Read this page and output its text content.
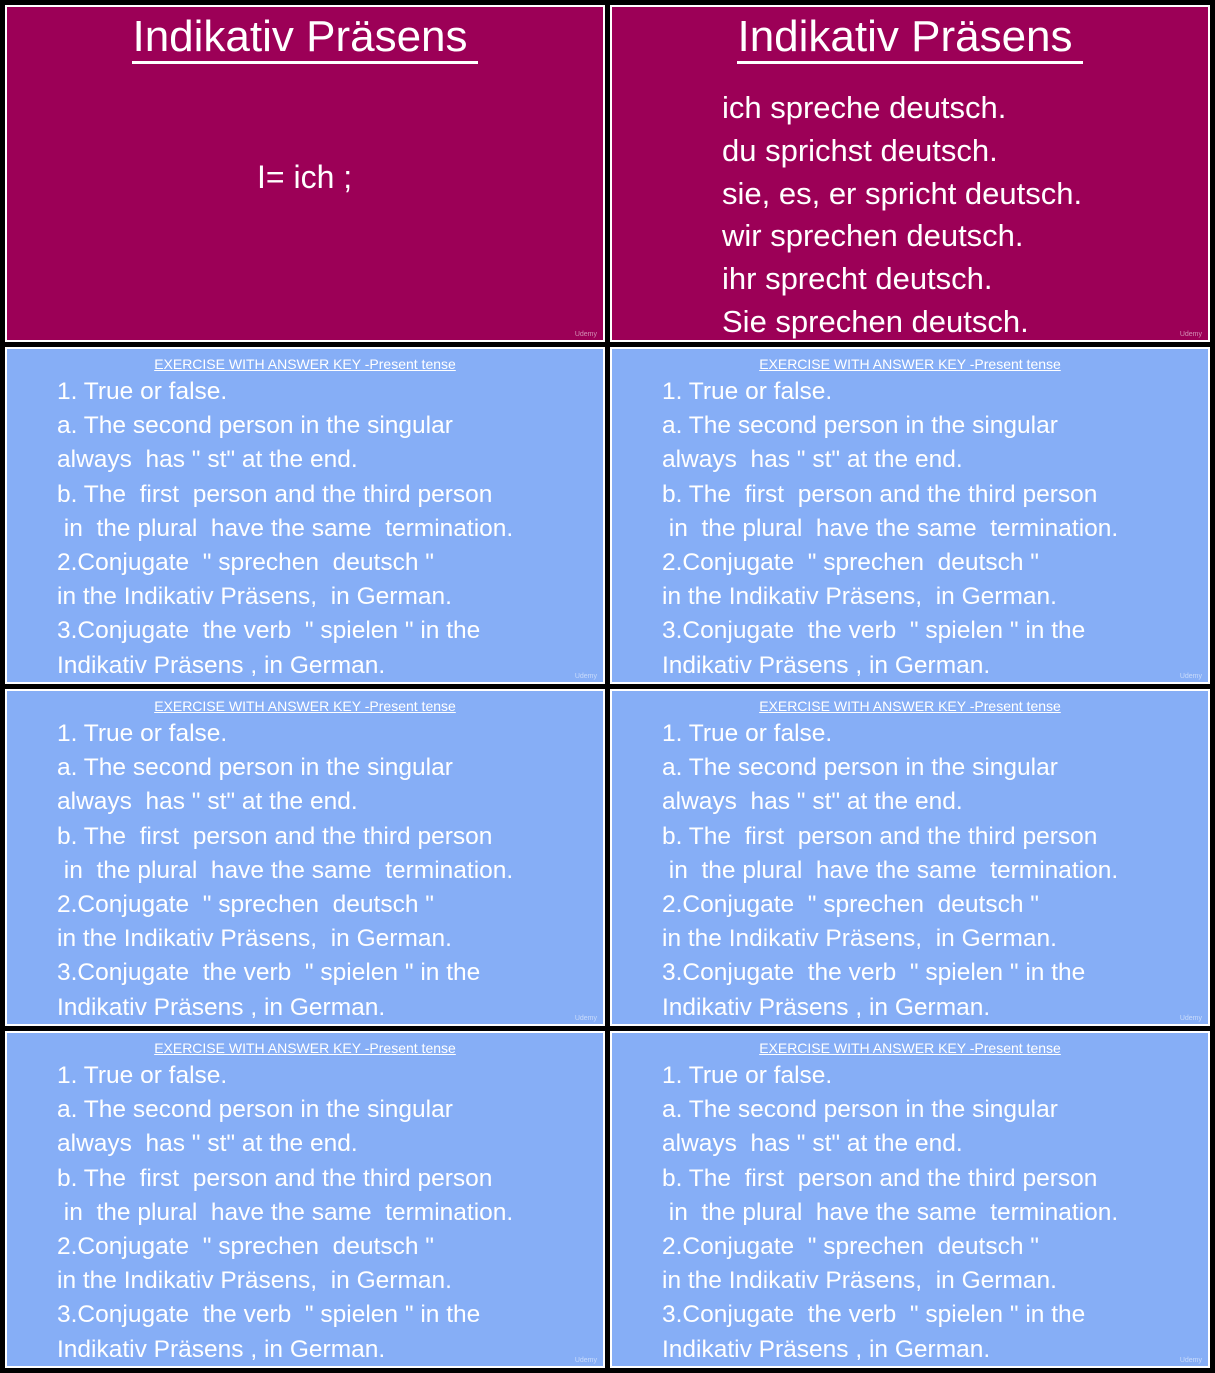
Indikativ Präsens
I= ich ;
Udemy
Indikativ Präsens
ich spreche deutsch.
du sprichst deutsch.
sie, es, er spricht deutsch.
wir sprechen deutsch.
ihr sprecht deutsch.
Sie sprechen deutsch.	Udemy
EXERCISE WITH ANSWER KEY -Present tense
1. True or false.
a. The second person in the singular
always  has " st" at the end.
b. The  first  person and the third person
in  the plural  have the same  termination.
2.Conjugate  " sprechen  deutsch "
in the Indikativ Präsens,  in German.
3.Conjugate  the verb  " spielen " in the
Indikativ Präsens , in German.	Udemy
EXERCISE WITH ANSWER KEY -Present tense
1. True or false.
a. The second person in the singular
always  has " st" at the end.
b. The  first  person and the third person
in  the plural  have the same  termination.
2.Conjugate  " sprechen  deutsch "
in the Indikativ Präsens,  in German.
3.Conjugate  the verb  " spielen " in the
Indikativ Präsens , in German.	Udemy
EXERCISE WITH ANSWER KEY -Present tense
1. True or false.
a. The second person in the singular
always  has " st" at the end.
b. The  first  person and the third person
in  the plural  have the same  termination.
2.Conjugate  " sprechen  deutsch "
in the Indikativ Präsens,  in German.
3.Conjugate  the verb  " spielen " in the
Indikativ Präsens , in German.	Udemy
EXERCISE WITH ANSWER KEY -Present tense
1. True or false.
a. The second person in the singular
always  has " st" at the end.
b. The  first  person and the third person
in  the plural  have the same  termination.
2.Conjugate  " sprechen  deutsch "
in the Indikativ Präsens,  in German.
3.Conjugate  the verb  " spielen " in the
Indikativ Präsens , in German.	Udemy
EXERCISE WITH ANSWER KEY -Present tense
1. True or false.
a. The second person in the singular
always  has " st" at the end.
b. The  first  person and the third person
in  the plural  have the same  termination.
2.Conjugate  " sprechen  deutsch "
in the Indikativ Präsens,  in German.
3.Conjugate  the verb  " spielen " in the
Indikativ Präsens , in German.	Udemy
EXERCISE WITH ANSWER KEY -Present tense
1. True or false.
a. The second person in the singular
always  has " st" at the end.
b. The  first  person and the third person
in  the plural  have the same  termination.
2.Conjugate  " sprechen  deutsch "
in the Indikativ Präsens,  in German.
3.Conjugate  the verb  " spielen " in the
Indikativ Präsens , in German.	Udemy
